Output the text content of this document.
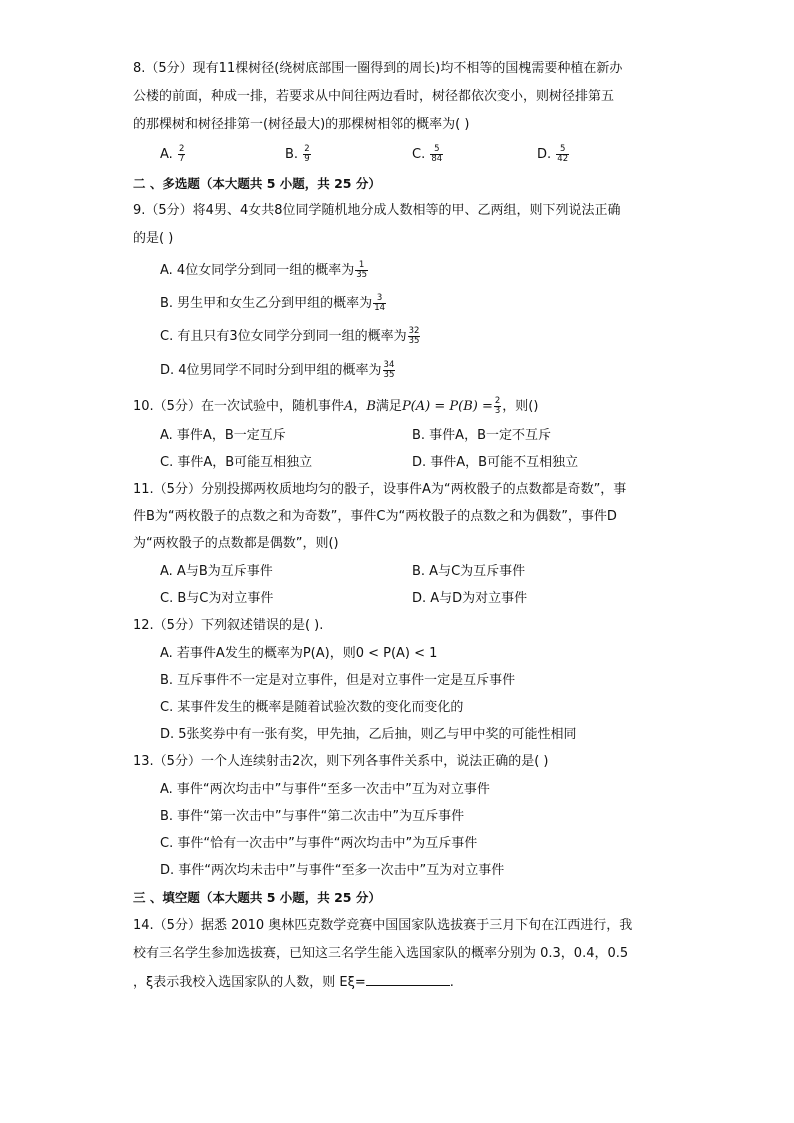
8.（5分）现有11棵树径(绕树底部围一圈得到的周长)均不相等的国槐需要种植在新办
公楼的前面，种成一排，若要求从中间往两边看时，树径都依次变小，则树径排第五
的那棵树和树径排第一(树径最大)的那棵树相邻的概率为( )
A. $\frac{2}{7}$	B. $\frac{2}{9}$	C. $\frac{5}{84}$	D. $\frac{5}{42}$
二 、多选题（本大题共 5 小题，共 25 分）
9.（5分）将4男、4女共8位同学随机地分成人数相等的甲、乙两组，则下列说法正确
的是( )
A. 4位女同学分到同一组的概率为 $\frac{1}{35}$
B. 男生甲和女生乙分到甲组的概率为 $\frac{3}{14}$
C. 有且只有3位女同学分到同一组的概率为 $\frac{32}{35}$
D. 4位男同学不同时分到甲组的概率为 $\frac{34}{35}$
10.（5分）在一次试验中，随机事件A，B满足$P(A) = P(B) = \frac{2}{3}$ ，则()
A. 事件A，B一定互斥	B. 事件A，B一定不互斥
C. 事件A，B可能互相独立	D. 事件A，B可能不互相独立
11.（5分）分别投掷两枚质地均匀的骰子，设事件A为“两枚骰子的点数都是奇数”，事
件B为“两枚骰子的点数之和为奇数”，事件C为“两枚骰子的点数之和为偶数”，事件D
为“两枚骰子的点数都是偶数”，则()
A. A与B为互斥事件	B. A与C为互斥事件
C. B与C为对立事件	D. A与D为对立事件
12.（5分）下列叙述错误的是( ).
A. 若事件A发生的概率为P(A)，则0 < P(A) < 1
B. 互斥事件不一定是对立事件，但是对立事件一定是互斥事件
C. 某事件发生的概率是随着试验次数的变化而变化的
D. 5张奖券中有一张有奖，甲先抽，乙后抽，则乙与甲中奖的可能性相同
13.（5分）一个人连续射击2次，则下列各事件关系中，说法正确的是( )
A. 事件“两次均击中”与事件“至多一次击中”互为对立事件
B. 事件“第一次击中”与事件“第二次击中”为互斥事件
C. 事件“恰有一次击中”与事件“两次均击中”为互斥事件
D. 事件“两次均未击中”与事件“至多一次击中”互为对立事件
三 、填空题（本大题共 5 小题，共 25 分）
14.（5分）据悉 2010 奥林匹克数学竞赛中国国家队选拔赛于三月下旬在江西进行，我
校有三名学生参加选拔赛，已知这三名学生能入选国家队的概率分别为 0.3，0.4，0.5
，ξ表示我校入选国家队的人数，则 Eξ=	.
